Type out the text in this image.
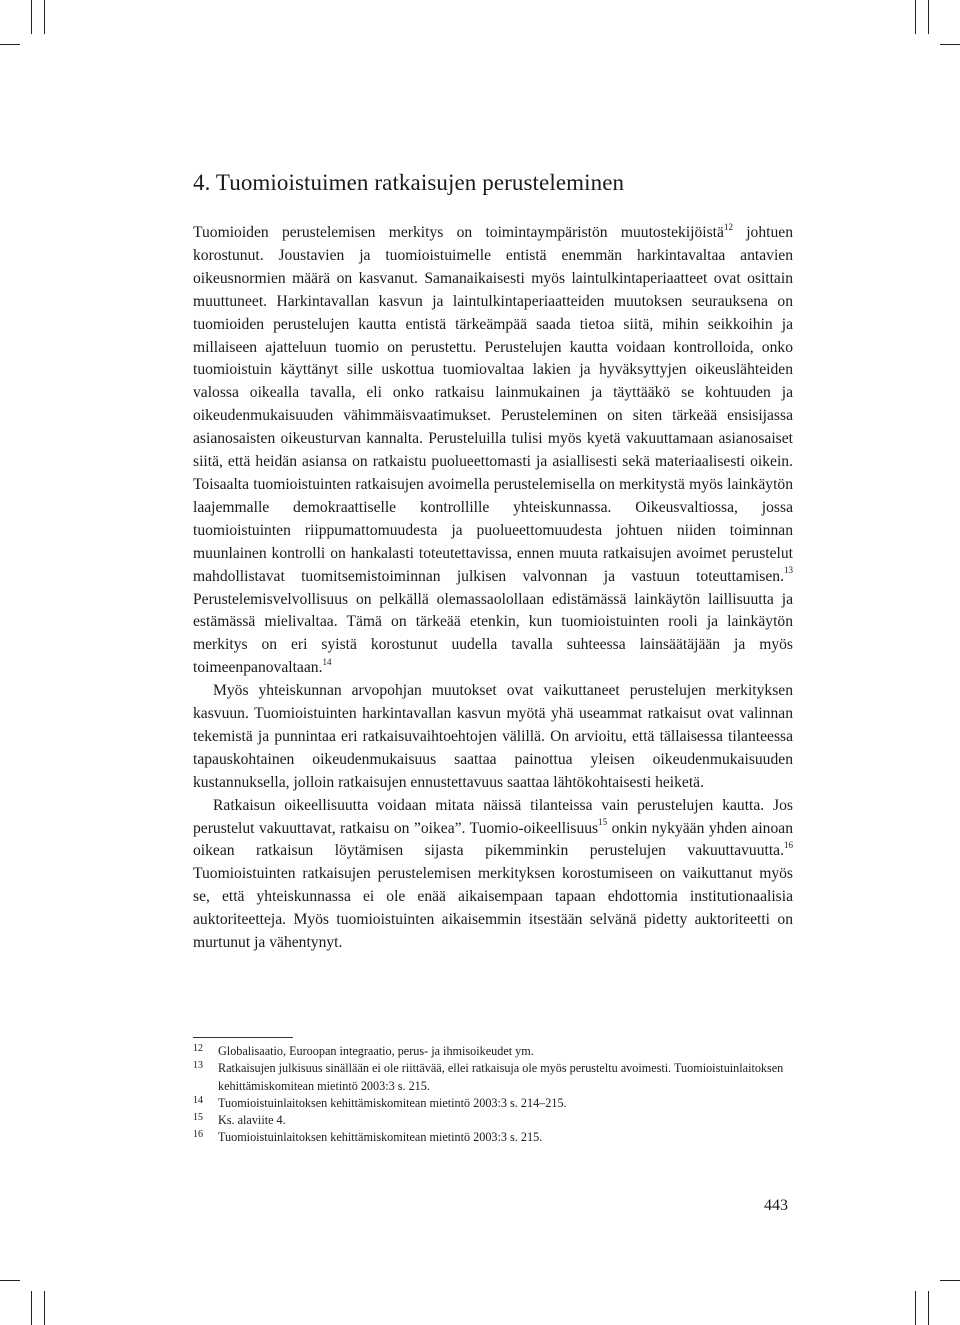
4. Tuomioistuimen ratkaisujen perusteleminen

Tuomioiden perustelemisen merkitys on toimintaympäristön muutostekijöistä$^{12}$ johtuen korostunut. Joustavien ja tuomioistuimelle entistä enemmän harkintavaltaa antavien oikeusnormien määrä on kasvanut. Samanaikaisesti myös laintulkintaperiaatteet ovat osittain muuttuneet. Harkintavallan kasvun ja laintulkintaperiaatteiden muutoksen seurauksena on tuomioiden perustelujen kautta entistä tärkeämpää saada tietoa siitä, mihin seikkoihin ja millaiseen ajatteluun tuomio on perustettu. Perustelujen kautta voidaan kontrolloida, onko tuomioistuin käyttänyt sille uskottua tuomiovaltaa lakien ja hyväksyttyjen oikeuslähteiden valossa oikealla tavalla, eli onko ratkaisu lainmukainen ja täyttääkö se kohtuuden ja oikeudenmukaisuuden vähimmäisvaatimukset. Perusteleminen on siten tärkeää ensisijassa asianosaisten oikeusturvan kannalta. Perusteluilla tulisi myös kyetä vakuuttamaan asianosaiset siitä, että heidän asiansa on ratkaistu puolueettomasti ja asiallisesti sekä materiaalisesti oikein. Toisaalta tuomioistuinten ratkaisujen avoimella perustelemisella on merkitystä myös lainkäytön laajemmalle demokraattiselle kontrollille yhteiskunnassa. Oikeusvaltiossa, jossa tuomioistuinten riippumattomuudesta ja puolueettomuudesta johtuen niiden toiminnan muunlainen kontrolli on hankalasti toteutettavissa, ennen muuta ratkaisujen avoimet perustelut mahdollistavat tuomitsemistoiminnan julkisen valvonnan ja vastuun toteuttamisen.$^{13}$ Perustelemisvelvollisuus on pelkällä olemassaolollaan edistämässä lainkäytön laillisuutta ja estämässä mielivaltaa. Tämä on tärkeää etenkin, kun tuomioistuinten rooli ja lainkäytön merkitys on eri syistä korostunut uudella tavalla suhteessa lainsäätäjään ja myös toimeenpanovaltaan.$^{14}$

Myös yhteiskunnan arvopohjan muutokset ovat vaikuttaneet perustelujen merkityksen kasvuun. Tuomioistuinten harkintavallan kasvun myötä yhä useammat ratkaisut ovat valinnan tekemistä ja punnintaa eri ratkaisuvaihtoehtojen välillä. On arvioitu, että tällaisessa tilanteessa tapauskohtainen oikeudenmukaisuus saattaa painottua yleisen oikeudenmukaisuuden kustannuksella, jolloin ratkaisujen ennustettavuus saattaa lähtökohtaisesti heiketä.

Ratkaisun oikeellisuutta voidaan mitata näissä tilanteissa vain perustelujen kautta. Jos perustelut vakuuttavat, ratkaisu on ”oikea”. Tuomio-oikeellisuus$^{15}$ onkin nykyään yhden ainoan oikean ratkaisun löytämisen sijasta pikemminkin perustelujen vakuuttavuutta.$^{16}$ Tuomioistuinten ratkaisujen perustelemisen merkityksen korostumiseen on vaikuttanut myös se, että yhteiskunnassa ei ole enää aikaisempaan tapaan ehdottomia institutionaalisia auktoriteetteja. Myös tuomioistuinten aikaisemmin itsestään selvänä pidetty auktoriteetti on murtunut ja vähentynyt.

12 Globalisaatio, Euroopan integraatio, perus- ja ihmisoikeudet ym.
13 Ratkaisujen julkisuus sinällään ei ole riittävää, ellei ratkaisuja ole myös perusteltu avoimesti. Tuomioistuinlaitoksen kehittämiskomitean mietintö 2003:3 s. 215.
14 Tuomioistuinlaitoksen kehittämiskomitean mietintö 2003:3 s. 214–215.
15 Ks. alaviite 4.
16 Tuomioistuinlaitoksen kehittämiskomitean mietintö 2003:3 s. 215.
443
